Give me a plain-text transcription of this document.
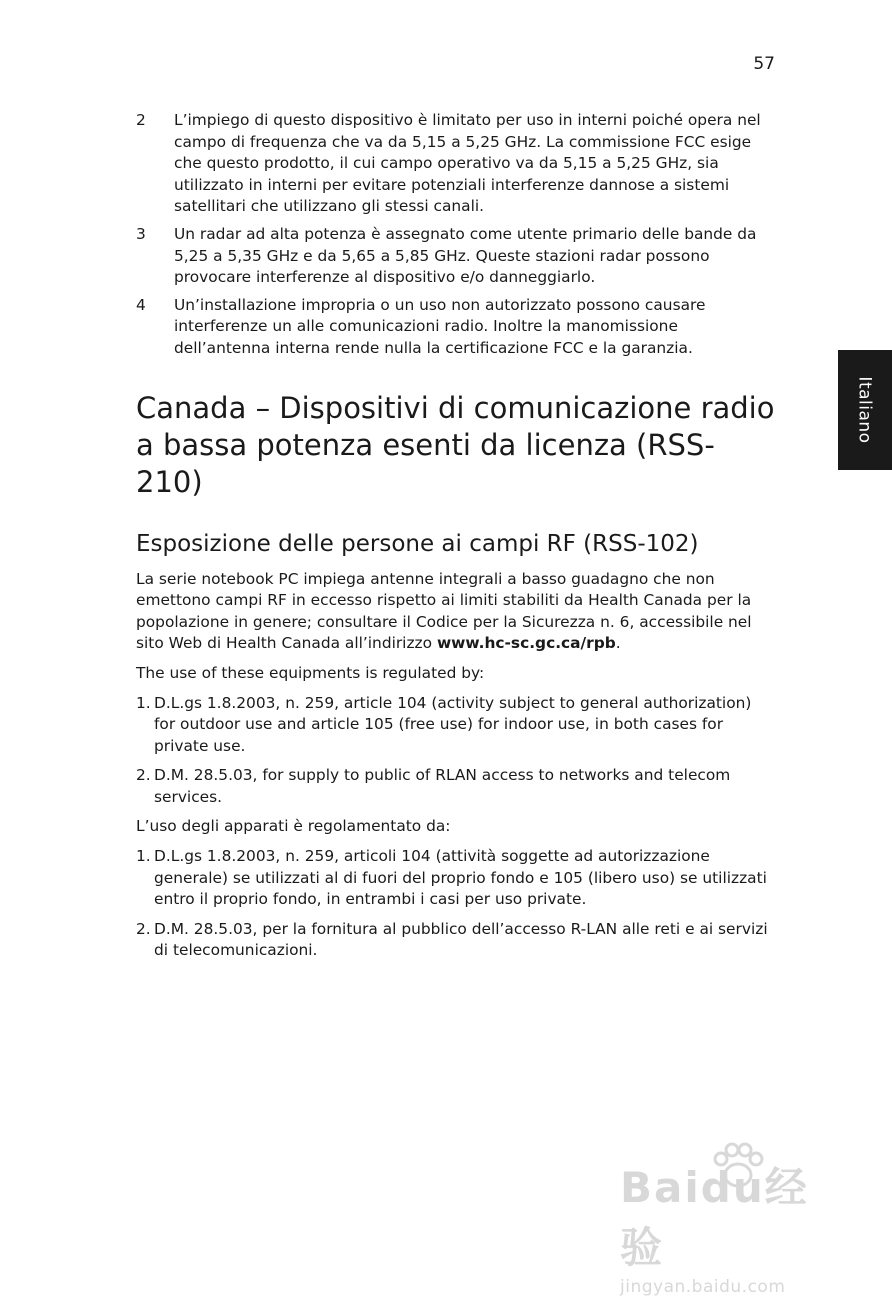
57
Italiano
2	L’impiego di questo dispositivo è limitato per uso in interni poiché opera nel campo di frequenza che va da 5,15 a 5,25 GHz. La commissione FCC esige che questo prodotto, il cui campo operativo va da 5,15 a 5,25 GHz, sia utilizzato in interni per evitare potenziali interferenze dannose a sistemi satellitari che utilizzano gli stessi canali.
3	Un radar ad alta potenza è assegnato come utente primario delle bande da 5,25 a 5,35 GHz e da 5,65 a 5,85 GHz. Queste stazioni radar possono provocare interferenze al dispositivo e/o danneggiarlo.
4	Un’installazione impropria o un uso non autorizzato possono causare interferenze un alle comunicazioni radio. Inoltre la manomissione dell’antenna interna rende nulla la certificazione FCC e la garanzia.
Canada – Dispositivi di comunicazione radio a bassa potenza esenti da licenza (RSS-210)
Esposizione delle persone ai campi RF (RSS-102)

La serie notebook PC impiega antenne integrali a basso guadagno che non emettono campi RF in eccesso rispetto ai limiti stabiliti da Health Canada per la popolazione in genere; consultare il Codice per la Sicurezza n. 6, accessibile nel sito Web di Health Canada all’indirizzo www.hc-sc.gc.ca/rpb.

The use of these equipments is regulated by:

1. D.L.gs 1.8.2003, n. 259, article 104 (activity subject to general authorization) for outdoor use and article 105 (free use) for indoor use, in both cases for private use.
2. D.M. 28.5.03, for supply to public of RLAN access to networks and telecom services.

L’uso degli apparati è regolamentato da:

1. D.L.gs 1.8.2003, n. 259, articoli 104 (attività soggette ad autorizzazione generale) se utilizzati al di fuori del proprio fondo e 105 (libero uso) se utilizzati entro il proprio fondo, in entrambi i casi per uso private.
2. D.M. 28.5.03, per la fornitura al pubblico dell’accesso R-LAN alle reti e ai servizi di telecomunicazioni.
Baidu经验
jingyan.baidu.com
